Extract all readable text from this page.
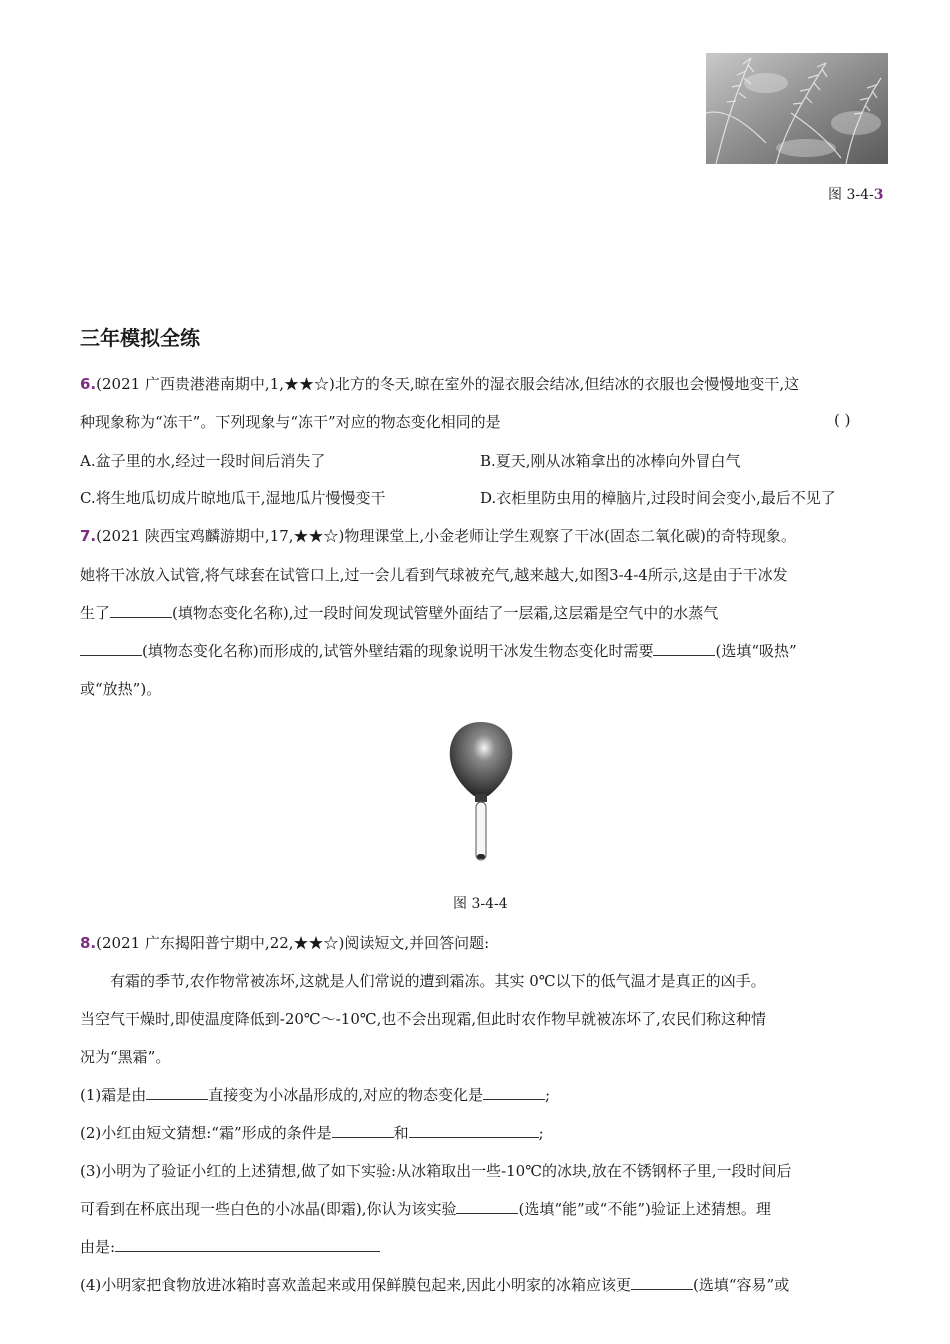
图 3-4-3
三年模拟全练
6.(2021 广西贵港港南期中,1,★★☆)北方的冬天,晾在室外的湿衣服会结冰,但结冰的衣服也会慢慢地变干,这
种现象称为“冻干”。下列现象与“冻干”对应的物态变化相同的是	( )
A.盆子里的水,经过一段时间后消失了	B.夏天,刚从冰箱拿出的冰棒向外冒白气
C.将生地瓜切成片晾地瓜干,湿地瓜片慢慢变干	D.衣柜里防虫用的樟脑片,过段时间会变小,最后不见了
7.(2021 陕西宝鸡麟游期中,17,★★☆)物理课堂上,小金老师让学生观察了干冰(固态二氧化碳)的奇特现象。
她将干冰放入试管,将气球套在试管口上,过一会儿看到气球被充气,越来越大,如图3-4-4所示,这是由于干冰发
生了	(填物态变化名称),过一段时间发现试管壁外面结了一层霜,这层霜是空气中的水蒸气
(填物态变化名称)而形成的,试管外壁结霜的现象说明干冰发生物态变化时需要	(选填“吸热”
或“放热”)。
图 3-4-4
8.(2021 广东揭阳普宁期中,22,★★☆)阅读短文,并回答问题:
有霜的季节,农作物常被冻坏,这就是人们常说的遭到霜冻。其实 0℃以下的低气温才是真正的凶手。
当空气干燥时,即使温度降低到-20℃～-10℃,也不会出现霜,但此时农作物早就被冻坏了,农民们称这种情
况为“黑霜”。
(1)霜是由	直接变为小冰晶形成的,对应的物态变化是	;
(2)小红由短文猜想:“霜”形成的条件是	和	;
(3)小明为了验证小红的上述猜想,做了如下实验:从冰箱取出一些-10℃的冰块,放在不锈钢杯子里,一段时间后
可看到在杯底出现一些白色的小冰晶(即霜),你认为该实验	(选填“能”或“不能”)验证上述猜想。理
由是:
(4)小明家把食物放进冰箱时喜欢盖起来或用保鲜膜包起来,因此小明家的冰箱应该更	(选填“容易”或
